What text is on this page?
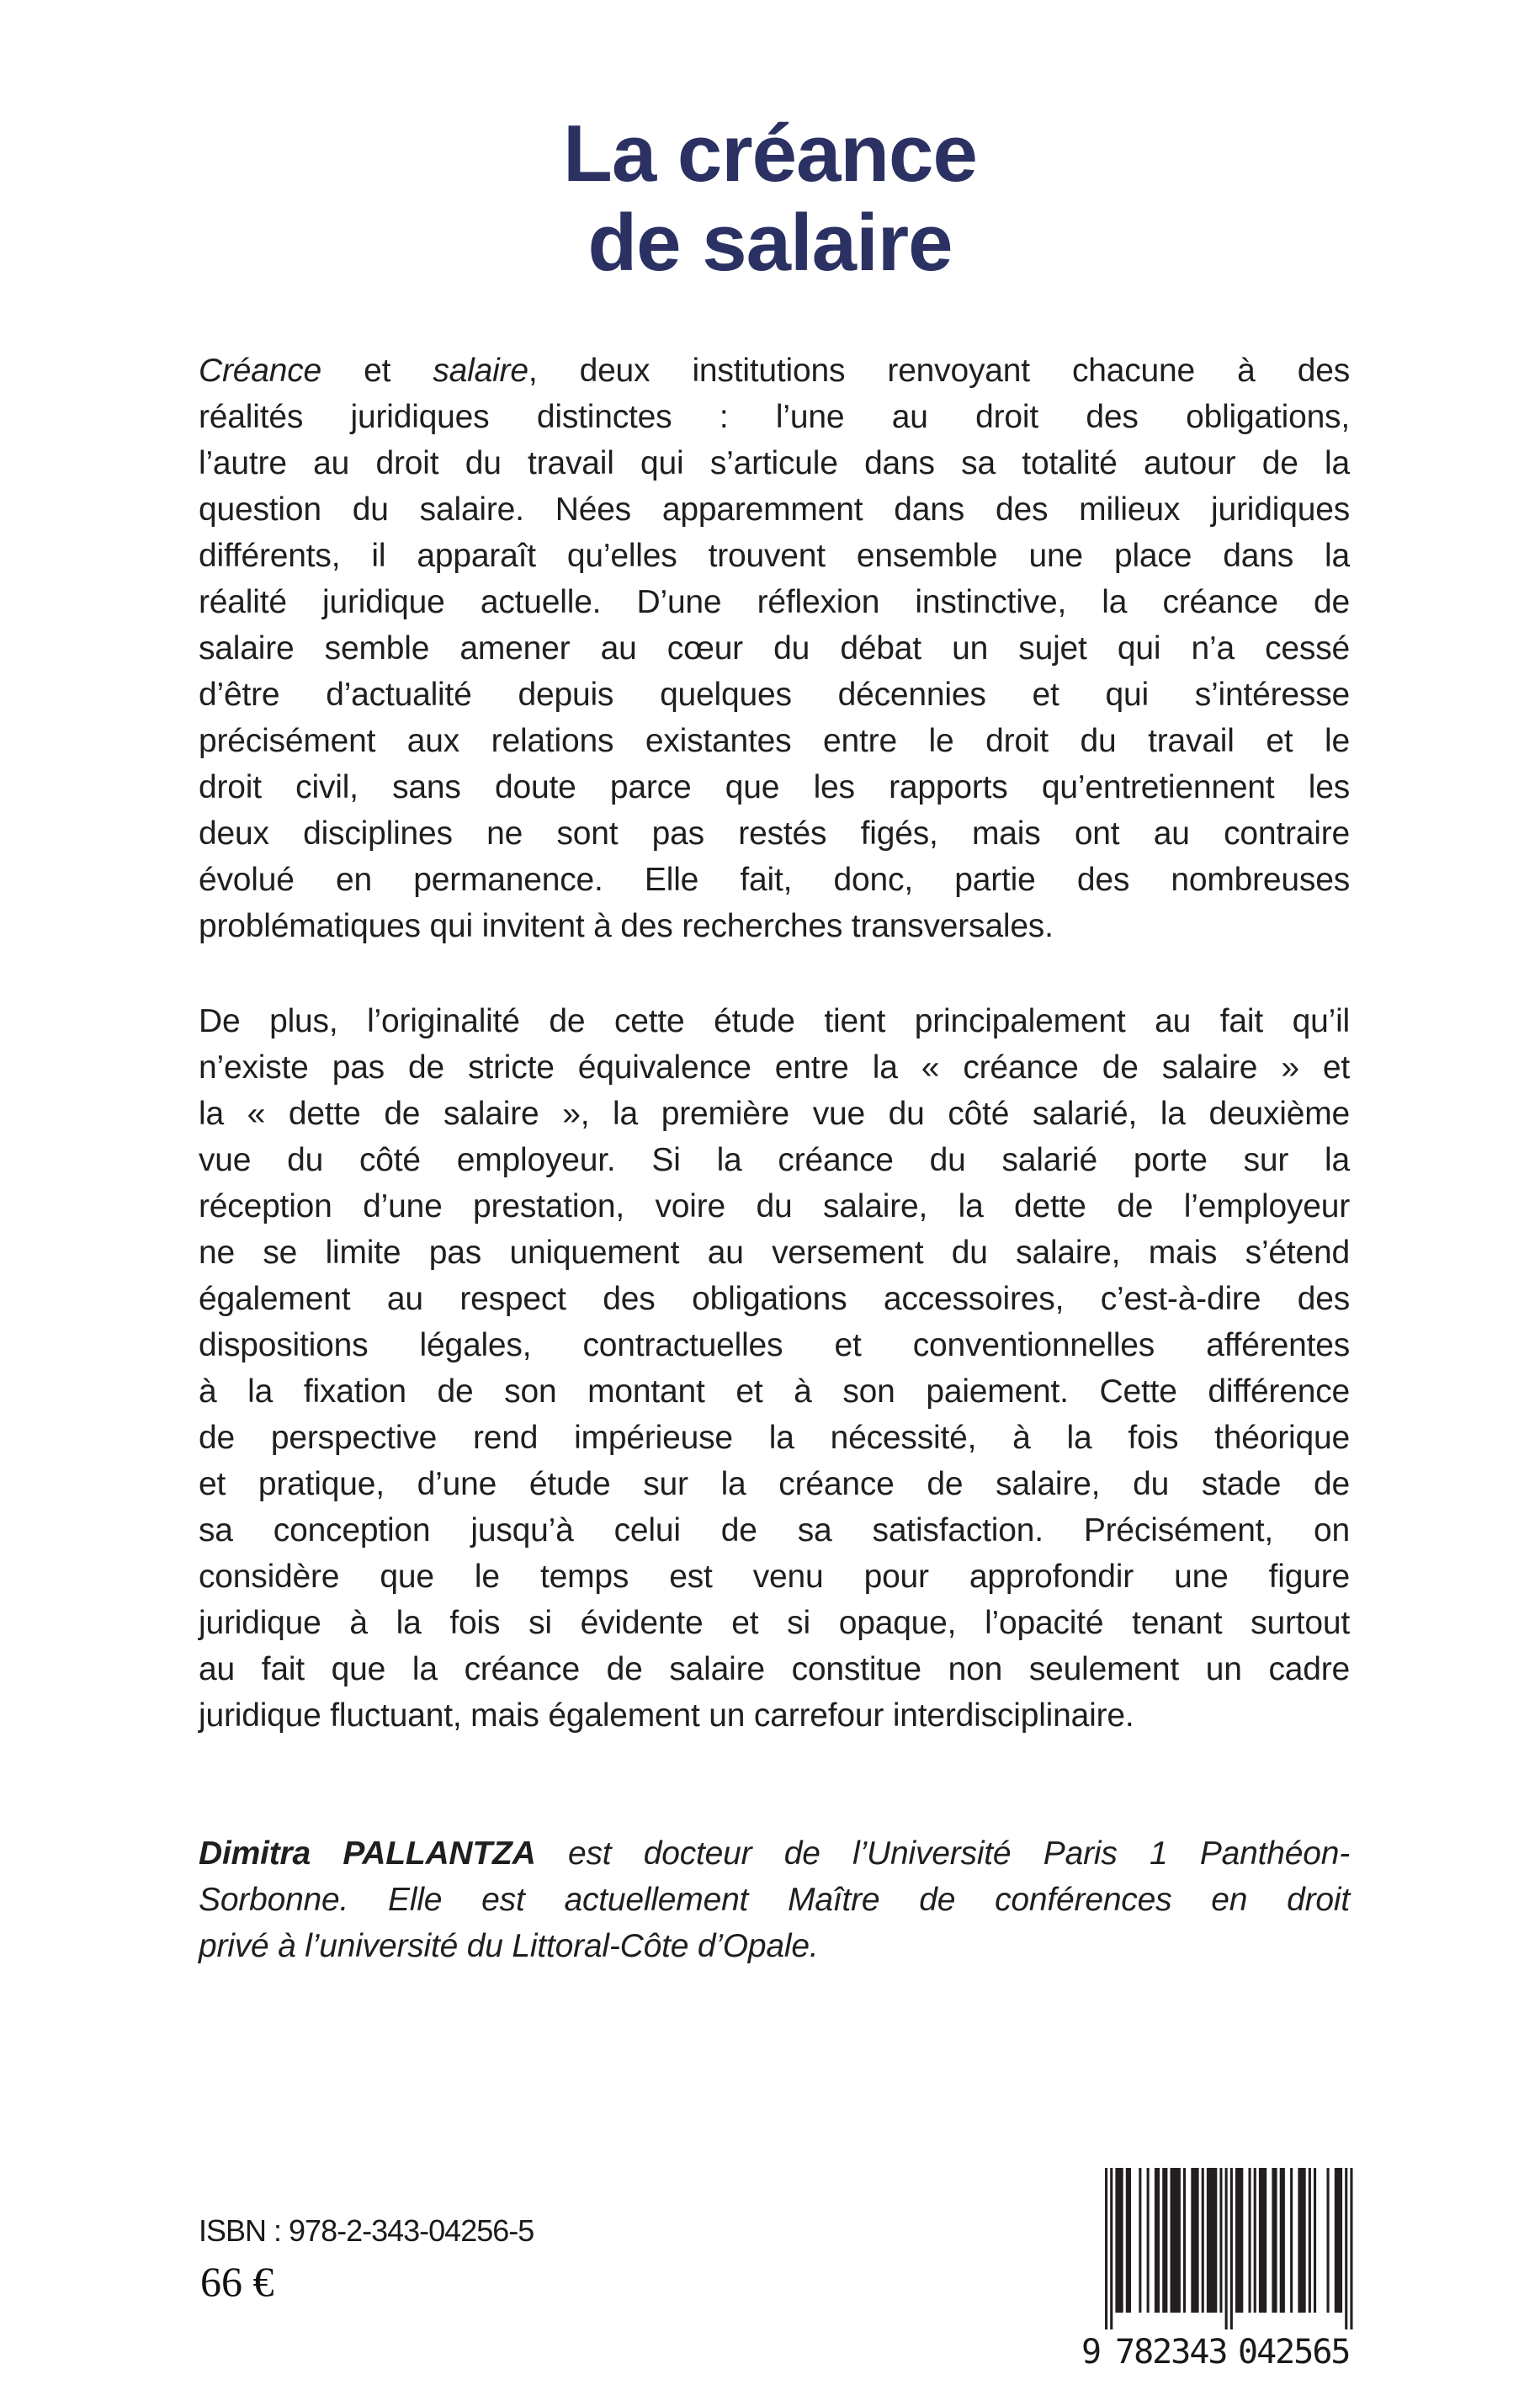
La créance
de salaire
Créance et salaire, deux institutions renvoyant chacune à des
réalités juridiques distinctes : l’une au droit des obligations,
l’autre au droit du travail qui s’articule dans sa totalité autour de la
question du salaire. Nées apparemment dans des milieux juridiques
différents, il apparaît qu’elles trouvent ensemble une place dans la
réalité juridique actuelle. D’une réflexion instinctive, la créance de
salaire semble amener au cœur du débat un sujet qui n’a cessé
d’être d’actualité depuis quelques décennies et qui s’intéresse
précisément aux relations existantes entre le droit du travail et le
droit civil, sans doute parce que les rapports qu’entretiennent les
deux disciplines ne sont pas restés figés, mais ont au contraire
évolué en permanence. Elle fait, donc, partie des nombreuses
problématiques qui invitent à des recherches transversales.
De plus, l’originalité de cette étude tient principalement au fait qu’il
n’existe pas de stricte équivalence entre la « créance de salaire » et
la « dette de salaire », la première vue du côté salarié, la deuxième
vue du côté employeur. Si la créance du salarié porte sur la
réception d’une prestation, voire du salaire, la dette de l’employeur
ne se limite pas uniquement au versement du salaire, mais s’étend
également au respect des obligations accessoires, c’est-à-dire des
dispositions légales, contractuelles et conventionnelles afférentes
à la fixation de son montant et à son paiement. Cette différence
de perspective rend impérieuse la nécessité, à la fois théorique
et pratique, d’une étude sur la créance de salaire, du stade de
sa conception jusqu’à celui de sa satisfaction. Précisément, on
considère que le temps est venu pour approfondir une figure
juridique à la fois si évidente et si opaque, l’opacité tenant surtout
au fait que la créance de salaire constitue non seulement un cadre
juridique fluctuant, mais également un carrefour interdisciplinaire.
Dimitra PALLANTZA est docteur de l’Université Paris 1 Panthéon-
Sorbonne. Elle est actuellement Maître de conférences en droit
privé à l’université du Littoral-Côte d’Opale.
ISBN : 978-2-343-04256-5
66 €
9 782343 042565
